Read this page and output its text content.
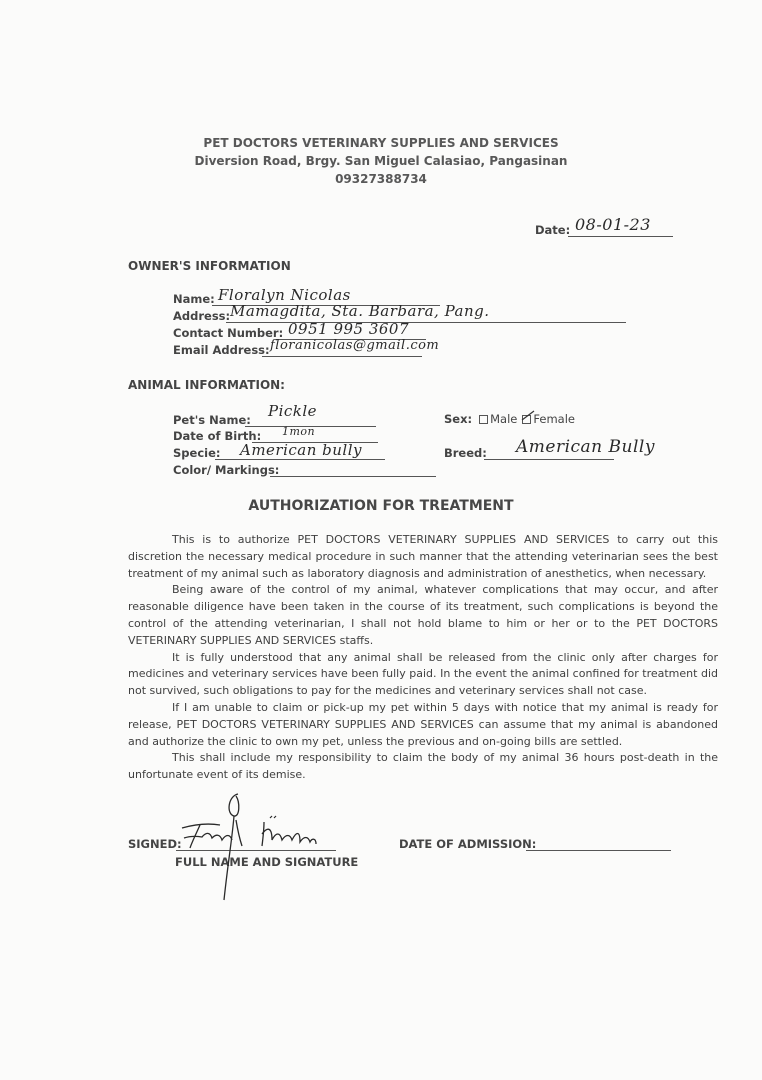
PET DOCTORS VETERINARY SUPPLIES AND SERVICES
Diversion Road, Brgy. San Miguel Calasiao, Pangasinan
09327388734
Date: 08-01-23
OWNER'S INFORMATION
Name: Floralyn Nicolas
Address: Mamagdita, Sta. Barbara, Pang.
Contact Number: 0951 995 3607
Email Address: floranicolas@gmail.com
ANIMAL INFORMATION:
Pet's Name: Pickle
Date of Birth: 1mon
Specie: American bully
Color/ Markings:
Sex: Male Female
Breed: American Bully
AUTHORIZATION FOR TREATMENT

This is to authorize PET DOCTORS VETERINARY SUPPLIES AND SERVICES to carry out this discretion the necessary medical procedure in such manner that the attending veterinarian sees the best treatment of my animal such as laboratory diagnosis and administration of anesthetics, when necessary.

Being aware of the control of my animal, whatever complications that may occur, and after reasonable diligence have been taken in the course of its treatment, such complications is beyond the control of the attending veterinarian, I shall not hold blame to him or her or to the PET DOCTORS VETERINARY SUPPLIES AND SERVICES staffs.

It is fully understood that any animal shall be released from the clinic only after charges for medicines and veterinary services have been fully paid. In the event the animal confined for treatment did not survived, such obligations to pay for the medicines and veterinary services shall not case.

If I am unable to claim or pick-up my pet within 5 days with notice that my animal is ready for release, PET DOCTORS VETERINARY SUPPLIES AND SERVICES can assume that my animal is abandoned and authorize the clinic to own my pet, unless the previous and on-going bills are settled.

This shall include my responsibility to claim the body of my animal 36 hours post-death in the unfortunate event of its demise.

SIGNED:
FULL NAME AND SIGNATURE
DATE OF ADMISSION:
